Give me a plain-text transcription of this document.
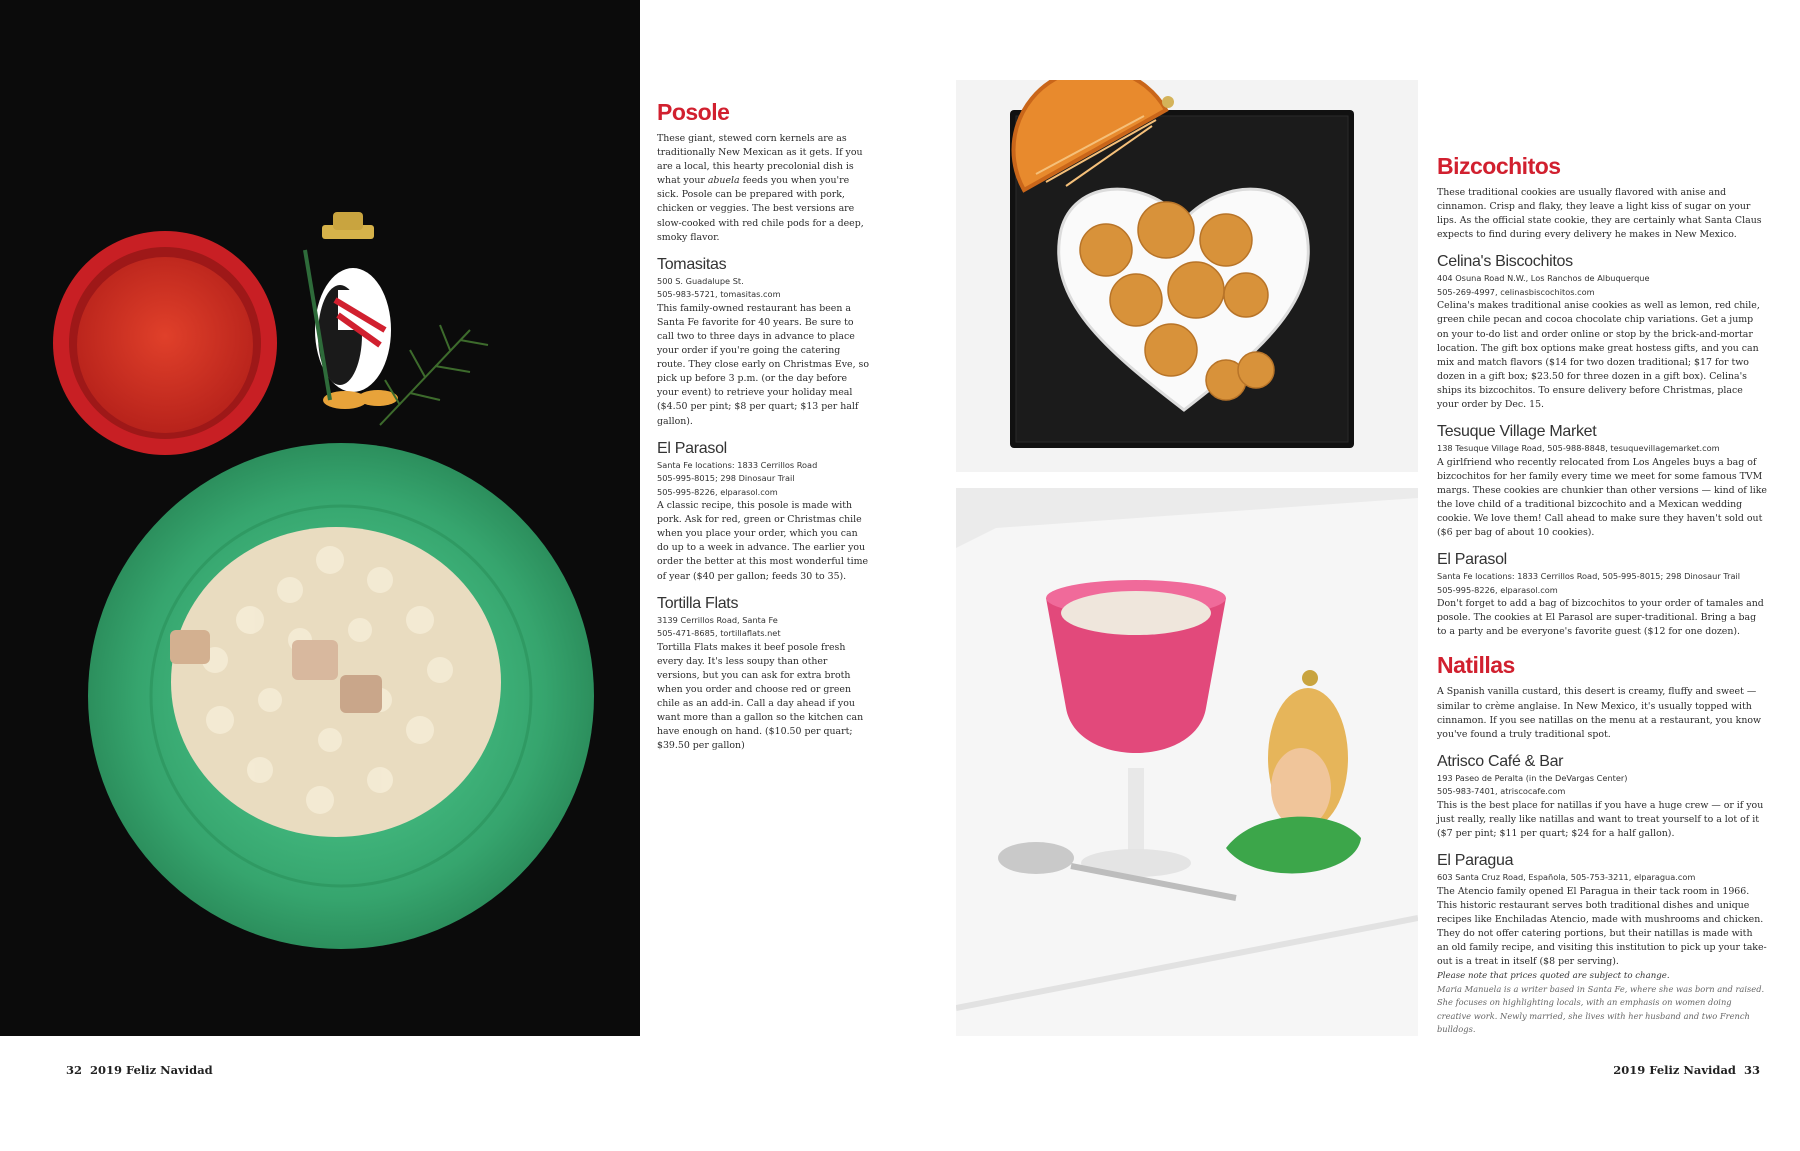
Posole

These giant, stewed corn kernels are as traditionally New Mexican as it gets. If you are a local, this hearty precolonial dish is what your abuela feeds you when you're sick. Posole can be prepared with pork, chicken or veggies. The best versions are slow-cooked with red chile pods for a deep, smoky flavor.

Tomasitas
500 S. Guadalupe St.
505-983-5721, tomasitas.com

This family-owned restaurant has been a Santa Fe favorite for 40 years. Be sure to call two to three days in advance to place your order if you're going the catering route. They close early on Christmas Eve, so pick up before 3 p.m. (or the day before your event) to retrieve your holiday meal ($4.50 per pint; $8 per quart; $13 per half gallon).

El Parasol
Santa Fe locations: 1833 Cerrillos Road
505-995-8015; 298 Dinosaur Trail
505-995-8226, elparasol.com

A classic recipe, this posole is made with pork. Ask for red, green or Christmas chile when you place your order, which you can do up to a week in advance. The earlier you order the better at this most wonderful time of year ($40 per gallon; feeds 30 to 35).

Tortilla Flats
3139 Cerrillos Road, Santa Fe
505-471-8685, tortillaflats.net

Tortilla Flats makes it beef posole fresh every day. It's less soupy than other versions, but you can ask for extra broth when you order and choose red or green chile as an add-in. Call a day ahead if you want more than a gallon so the kitchen can have enough on hand. ($10.50 per quart; $39.50 per gallon)

Bizcochitos

These traditional cookies are usually flavored with anise and cinnamon. Crisp and flaky, they leave a light kiss of sugar on your lips. As the official state cookie, they are certainly what Santa Claus expects to find during every delivery he makes in New Mexico.

Celina's Biscochitos
404 Osuna Road N.W., Los Ranchos de Albuquerque
505-269-4997, celinasbiscochitos.com

Celina's makes traditional anise cookies as well as lemon, red chile, green chile pecan and cocoa chocolate chip variations. Get a jump on your to-do list and order online or stop by the brick-and-mortar location. The gift box options make great hostess gifts, and you can mix and match flavors ($14 for two dozen traditional; $17 for two dozen in a gift box; $23.50 for three dozen in a gift box). Celina's ships its bizcochitos. To ensure delivery before Christmas, place your order by Dec. 15.

Tesuque Village Market
138 Tesuque Village Road, 505-988-8848, tesuquevillagemarket.com

A girlfriend who recently relocated from Los Angeles buys a bag of bizcochitos for her family every time we meet for some famous TVM margs. These cookies are chunkier than other versions — kind of like the love child of a traditional bizcochito and a Mexican wedding cookie. We love them! Call ahead to make sure they haven't sold out ($6 per bag of about 10 cookies).

El Parasol
Santa Fe locations: 1833 Cerrillos Road, 505-995-8015; 298 Dinosaur Trail
505-995-8226, elparasol.com

Don't forget to add a bag of bizcochitos to your order of tamales and posole. The cookies at El Parasol are super-traditional. Bring a bag to a party and be everyone's favorite guest ($12 for one dozen).

Natillas

A Spanish vanilla custard, this desert is creamy, fluffy and sweet — similar to crème anglaise. In New Mexico, it's usually topped with cinnamon. If you see natillas on the menu at a restaurant, you know you've found a truly traditional spot.

Atrisco Café & Bar
193 Paseo de Peralta (in the DeVargas Center)
505-983-7401, atriscocafe.com

This is the best place for natillas if you have a huge crew — or if you just really, really like natillas and want to treat yourself to a lot of it ($7 per pint; $11 per quart; $24 for a half gallon).

El Paragua
603 Santa Cruz Road, Española, 505-753-3211, elparagua.com

The Atencio family opened El Paragua in their tack room in 1966. This historic restaurant serves both traditional dishes and unique recipes like Enchiladas Atencio, made with mushrooms and chicken. They do not offer catering portions, but their natillas is made with an old family recipe, and visiting this institution to pick up your take-out is a treat in itself ($8 per serving).

Please note that prices quoted are subject to change.

Maria Manuela is a writer based in Santa Fe, where she was born and raised. She focuses on highlighting locals, with an emphasis on women doing creative work. Newly married, she lives with her husband and two French bulldogs.

32 2019 Feliz Navidad	2019 Feliz Navidad 33
